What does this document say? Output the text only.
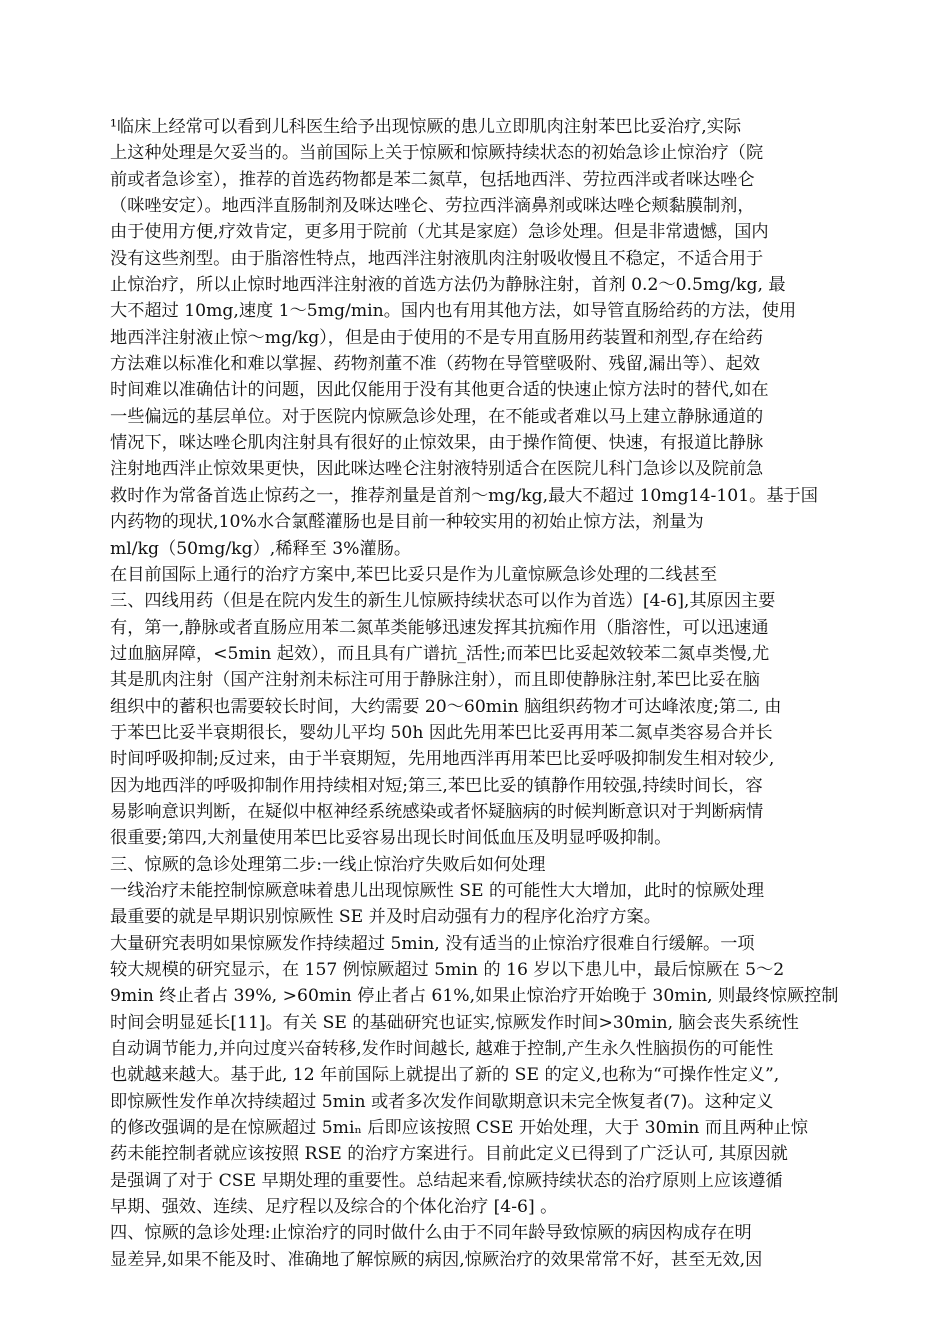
¹临床上经常可以看到儿科医生给予出现惊厥的患儿立即肌肉注射苯巴比妥治疗,实际
上这种处理是欠妥当的。当前国际上关于惊厥和惊厥持续状态的初始急诊止惊治疗（院
前或者急诊室），推荐的首选药物都是苯二氮草，包括地西泮、劳拉西泮或者咪达唑仑
（咪唑安定）。地西泮直肠制剂及咪达唑仑、劳拉西泮滴鼻剂或咪达唑仑颊黏膜制剂，
由于使用方便,疗效肯定，更多用于院前（尤其是家庭）急诊处理。但是非常遗憾，国内
没有这些剂型。由于脂溶性特点，地西泮注射液肌肉注射吸收慢且不稳定，不适合用于
止惊治疗，所以止惊时地西泮注射液的首选方法仍为静脉注射，首剂 0.2〜0.5mg/kg, 最
大不超过 10mg,速度 1〜5mg/min。国内也有用其他方法，如导管直肠给药的方法，使用
地西泮注射液止惊〜mg/kg），但是由于使用的不是专用直肠用药装置和剂型,存在给药
方法难以标准化和难以掌握、药物剂董不准（药物在导管壁吸附、残留,漏出等）、起效
时间难以准确估计的问题，因此仅能用于没有其他更合适的快速止惊方法时的替代,如在
一些偏远的基层单位。对于医院内惊厥急诊处理，在不能或者难以马上建立静脉通道的
情况下，咪达唑仑肌肉注射具有很好的止惊效果，由于操作简便、快速，有报道比静脉
注射地西泮止惊效果更快，因此咪达唑仑注射液特别适合在医院儿科门急诊以及院前急
救时作为常备首选止惊药之一，推荐剂量是首剂〜mg/kg,最大不超过 10mg14-101。基于国
内药物的现状,10%水合氯醛灌肠也是目前一种较实用的初始止惊方法，剂量为
ml/kg（50mg/kg）,稀释至 3%灌肠。
在目前国际上通行的治疗方案中,苯巴比妥只是作为儿童惊厥急诊处理的二线甚至
三、四线用药（但是在院内发生的新生儿惊厥持续状态可以作为首选）[4-6],其原因主要
有，第一,静脉或者直肠应用苯二氮革类能够迅速发挥其抗痴作用（脂溶性，可以迅速通
过血脑屏障，<5min 起效），而且具有广谱抗_活性;而苯巴比妥起效较苯二氮卓类慢,尤
其是肌肉注射（国产注射剂未标注可用于静脉注射），而且即使静脉注射,苯巴比妥在脑
组织中的蓄积也需要较长时间，大约需要 20〜60min 脑组织药物才可达峰浓度;第二, 由
于苯巴比妥半衰期很长，婴幼儿平均 50h 因此先用苯巴比妥再用苯二氮卓类容易合并长
时间呼吸抑制;反过来，由于半衰期短，先用地西泮再用苯巴比妥呼吸抑制发生相对较少,
因为地西泮的呼吸抑制作用持续相对短;第三,苯巴比妥的镇静作用较强,持续时间长，容
易影响意识判断，在疑似中枢神经系统感染或者怀疑脑病的时候判断意识对于判断病情
很重要;第四,大剂量使用苯巴比妥容易出现长时间低血压及明显呼吸抑制。
三、惊厥的急诊处理第二步:一线止惊治疗失败后如何处理
一线治疗未能控制惊厥意味着患儿出现惊厥性 SE 的可能性大大增加，此时的惊厥处理
最重要的就是早期识别惊厥性 SE 并及时启动强有力的程序化治疗方案。
大量研究表明如果惊厥发作持续超过 5min, 没有适当的止惊治疗很难自行缓解。一项
较大规模的研究显示，在 157 例惊厥超过 5min 的 16 岁以下患儿中，最后惊厥在 5〜2
9min 终止者占 39%, >60min 停止者占 61%,如果止惊治疗开始晚于 30min, 则最终惊厥控制
时间会明显延长[11]。有关 SE 的基础研究也证实,惊厥发作时间>30min, 脑会丧失系统性
自动调节能力,并向过度兴奋转移,发作时间越长, 越难于控制,产生永久性脑损伤的可能性
也就越来越大。基于此, 12 年前国际上就提出了新的 SE 的定义,也称为“可操作性定义”,
即惊厥性发作单次持续超过 5min 或者多次发作间歇期意识未完全恢复者(7)。这种定义
的修改强调的是在惊厥超过 5miₙ 后即应该按照 CSE 开始处理，大于 30min 而且两种止惊
药未能控制者就应该按照 RSE 的治疗方案进行。目前此定义已得到了广泛认可, 其原因就
是强调了对于 CSE 早期处理的重要性。总结起来看,惊厥持续状态的治疗原则上应该遵循
早期、强效、连续、足疗程以及综合的个体化治疗 [4-6] 。
四、惊厥的急诊处理:止惊治疗的同时做什么由于不同年龄导致惊厥的病因构成存在明
显差异,如果不能及时、准确地了解惊厥的病因,惊厥治疗的效果常常不好，甚至无效,因
